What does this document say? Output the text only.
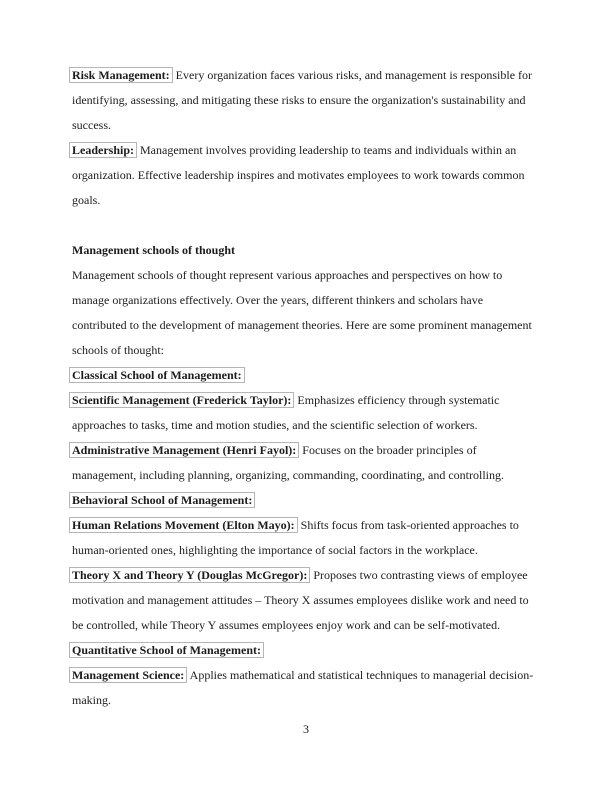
Risk Management: Every organization faces various risks, and management is responsible for identifying, assessing, and mitigating these risks to ensure the organization's sustainability and success.

Leadership: Management involves providing leadership to teams and individuals within an organization. Effective leadership inspires and motivates employees to work towards common goals.

Management schools of thought

Management schools of thought represent various approaches and perspectives on how to manage organizations effectively. Over the years, different thinkers and scholars have contributed to the development of management theories. Here are some prominent management schools of thought:

Classical School of Management:

Scientific Management (Frederick Taylor): Emphasizes efficiency through systematic approaches to tasks, time and motion studies, and the scientific selection of workers.

Administrative Management (Henri Fayol): Focuses on the broader principles of management, including planning, organizing, commanding, coordinating, and controlling.

Behavioral School of Management:

Human Relations Movement (Elton Mayo): Shifts focus from task-oriented approaches to human-oriented ones, highlighting the importance of social factors in the workplace.

Theory X and Theory Y (Douglas McGregor): Proposes two contrasting views of employee motivation and management attitudes – Theory X assumes employees dislike work and need to be controlled, while Theory Y assumes employees enjoy work and can be self-motivated.

Quantitative School of Management:

Management Science: Applies mathematical and statistical techniques to managerial decision-making.

3
